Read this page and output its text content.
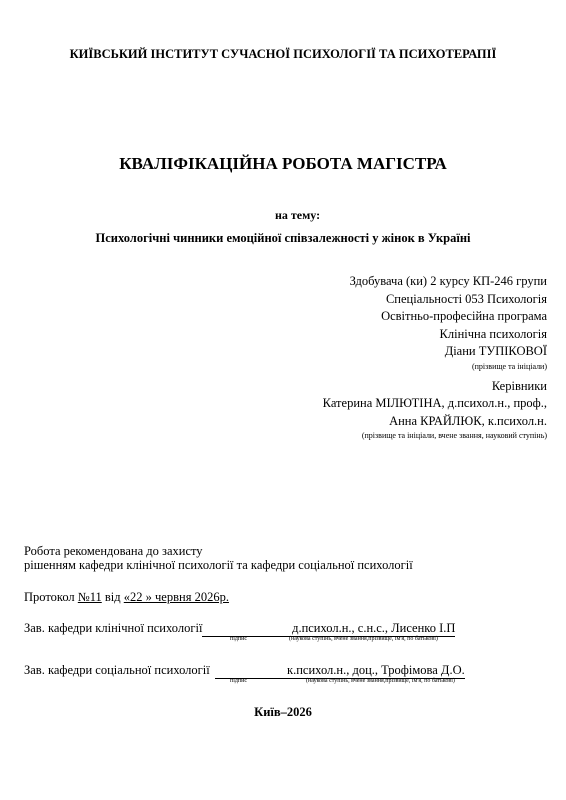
КИЇВСЬКИЙ ІНСТИТУТ СУЧАСНОЇ ПСИХОЛОГІЇ ТА ПСИХОТЕРАПІЇ
КВАЛІФІКАЦІЙНА РОБОТА МАГІСТРА
на тему:
Психологічні чинники емоційної співзалежності у жінок в Україні
Здобувача (ки) 2 курсу КП-246 групи
Спеціальності 053 Психологія
Освітньо-професійна програма
Клінічна психологія
Діани ТУПІКОВОЇ
(прізвище та ініціали)
Керівники
Катерина МІЛЮТІНА, д.психол.н., проф.,
Анна КРАЙЛЮК, к.психол.н.
(прізвище та ініціали, вчене звання, науковий ступінь)
Робота рекомендована до захисту
рішенням кафедри клінічної психології та кафедри соціальної психології
Протокол №11 від «22 » червня 2026р.
Зав. кафедри клінічної психології	д.психол.н., с.н.с., Лисенко І.П
підпис	(наукова ступінь, вчене звання,прізвище, ім'я, по батькові)
Зав. кафедри соціальної психології	к.психол.н., доц., Трофімова Д.О.
підпис	(наукова ступінь, вчене звання,прізвище, ім'я, по батькові)
Київ–2026
